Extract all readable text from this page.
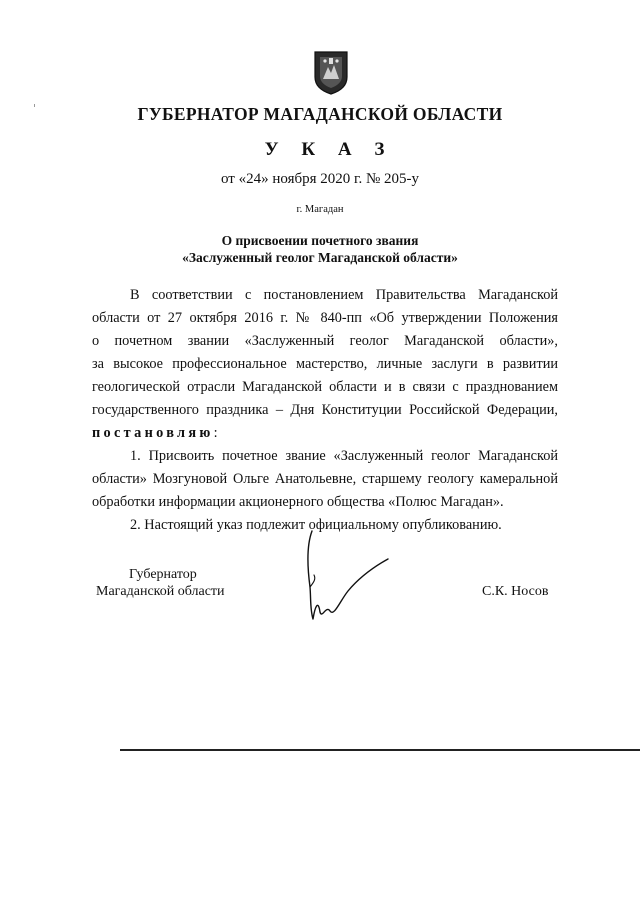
ГУБЕРНАТОР МАГАДАНСКОЙ ОБЛАСТИ
У К А З
от «24» ноября 2020 г. № 205-у
г. Магадан
О присвоении почетного звания
«Заслуженный геолог Магаданской области»
В соответствии с постановлением Правительства Магаданской
области от 27 октября 2016 г. № 840-пп «Об утверждении Положения
о почетном звании «Заслуженный геолог Магаданской области»,
за высокое профессиональное мастерство, личные заслуги в развитии
геологической отрасли Магаданской области и в связи с празднованием
государственного праздника – Дня Конституции Российской Федерации,
постановляю:
1. Присвоить почетное звание «Заслуженный геолог Магаданской
области» Мозгуновой Ольге Анатольевне, старшему геологу камеральной
обработки информации акционерного общества «Полюс Магадан».
2. Настоящий указ подлежит официальному опубликованию.
Губернатор
Магаданской области	С.К. Носов
